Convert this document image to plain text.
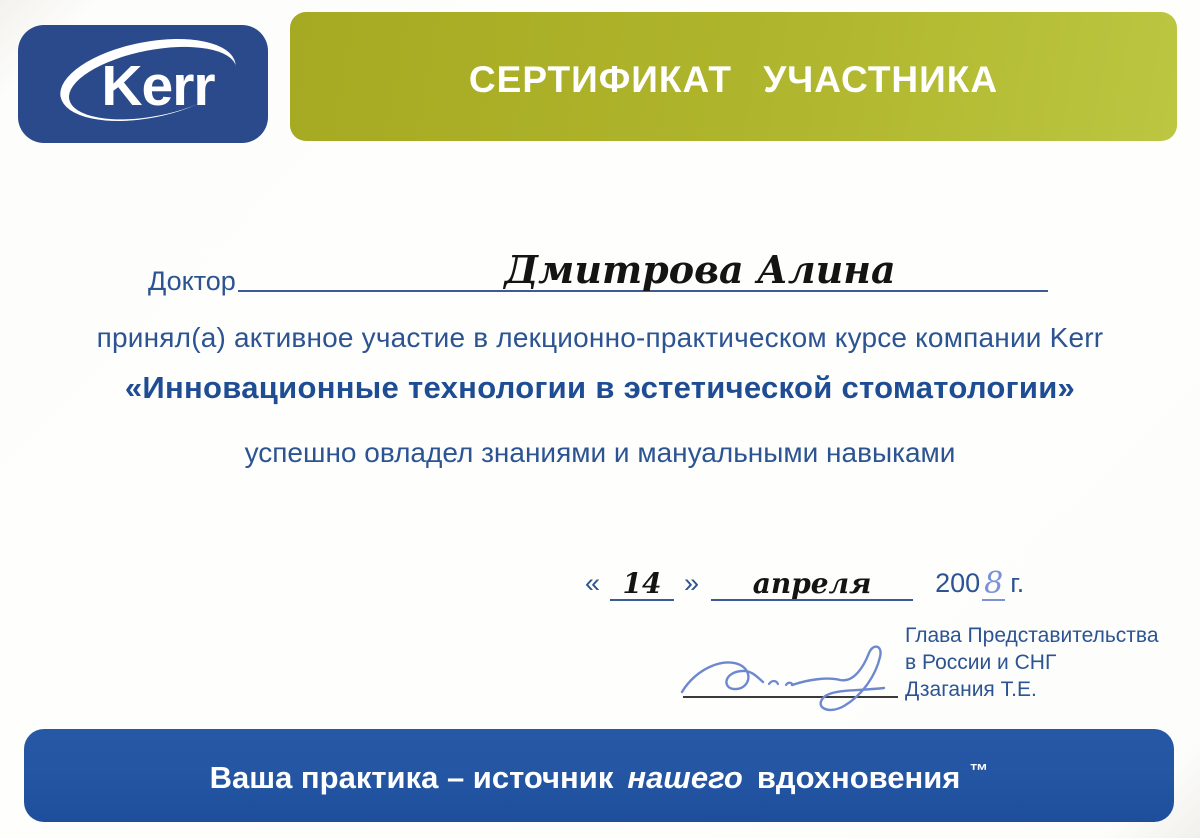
Kerr	СЕРТИФИКАТ УЧАСТНИКА
Доктор	Дмитрова Алина
принял(а) активное участие в лекционно-практическом курсе компании Kerr
«Инновационные технологии в эстетической стоматологии»
успешно овладел знаниями и мануальными навыками
« 14 »	апреля	200 8 г.
Глава Представительства
в России и СНГ
Дзагания Т.Е.
Ваша практика – источник нашего вдохновения ™
